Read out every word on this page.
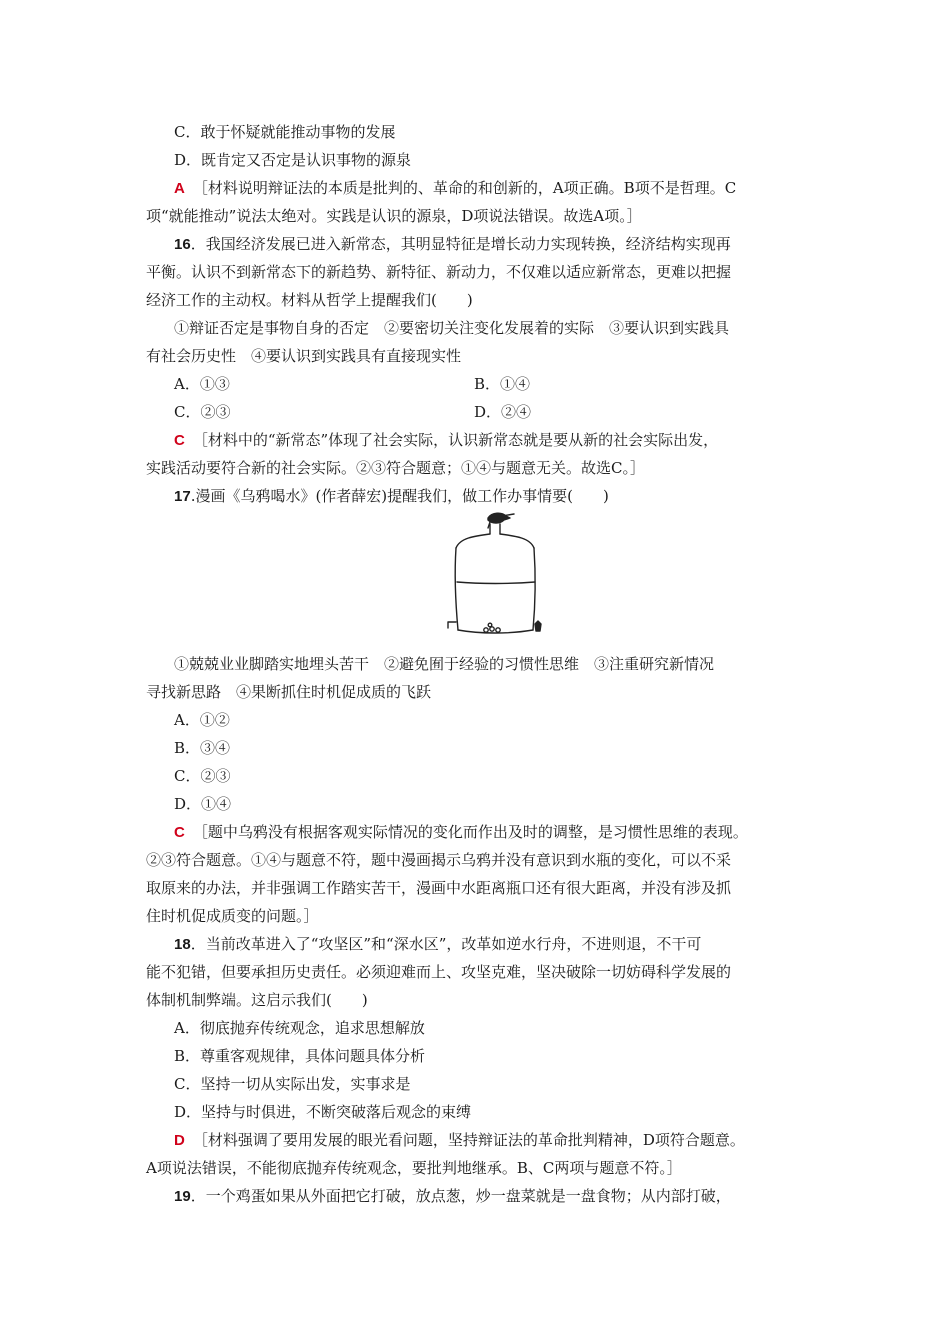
C．敢于怀疑就能推动事物的发展
D．既肯定又否定是认识事物的源泉
A ［材料说明辩证法的本质是批判的、革命的和创新的，A项正确。B项不是哲理。C
项“就能推动”说法太绝对。实践是认识的源泉，D项说法错误。故选A项。］
16．我国经济发展已进入新常态，其明显特征是增长动力实现转换，经济结构实现再
平衡。认识不到新常态下的新趋势、新特征、新动力，不仅难以适应新常态，更难以把握
经济工作的主动权。材料从哲学上提醒我们(　　)
①辩证否定是事物自身的否定　②要密切关注变化发展着的实际　③要认识到实践具
有社会历史性　④要认识到实践具有直接现实性
A．①③	B．①④
C．②③	D．②④
C ［材料中的“新常态”体现了社会实际，认识新常态就是要从新的社会实际出发，
实践活动要符合新的社会实际。②③符合题意；①④与题意无关。故选C。］
17.漫画《乌鸦喝水》(作者薛宏)提醒我们，做工作办事情要(　　)
①兢兢业业脚踏实地埋头苦干　②避免囿于经验的习惯性思维　③注重研究新情况
寻找新思路　④果断抓住时机促成质的飞跃
A．①②
B．③④
C．②③
D．①④
C ［题中乌鸦没有根据客观实际情况的变化而作出及时的调整，是习惯性思维的表现。
②③符合题意。①④与题意不符，题中漫画揭示乌鸦并没有意识到水瓶的变化，可以不采
取原来的办法，并非强调工作踏实苦干，漫画中水距离瓶口还有很大距离，并没有涉及抓
住时机促成质变的问题。］
18．当前改革进入了“攻坚区”和“深水区”，改革如逆水行舟，不进则退，不干可
能不犯错，但要承担历史责任。必须迎难而上、攻坚克难，坚决破除一切妨碍科学发展的
体制机制弊端。这启示我们(　　)
A．彻底抛弃传统观念，追求思想解放
B．尊重客观规律，具体问题具体分析
C．坚持一切从实际出发，实事求是
D．坚持与时俱进，不断突破落后观念的束缚
D ［材料强调了要用发展的眼光看问题，坚持辩证法的革命批判精神，D项符合题意。
A项说法错误，不能彻底抛弃传统观念，要批判地继承。B、C两项与题意不符。］
19．一个鸡蛋如果从外面把它打破，放点葱，炒一盘菜就是一盘食物；从内部打破，
